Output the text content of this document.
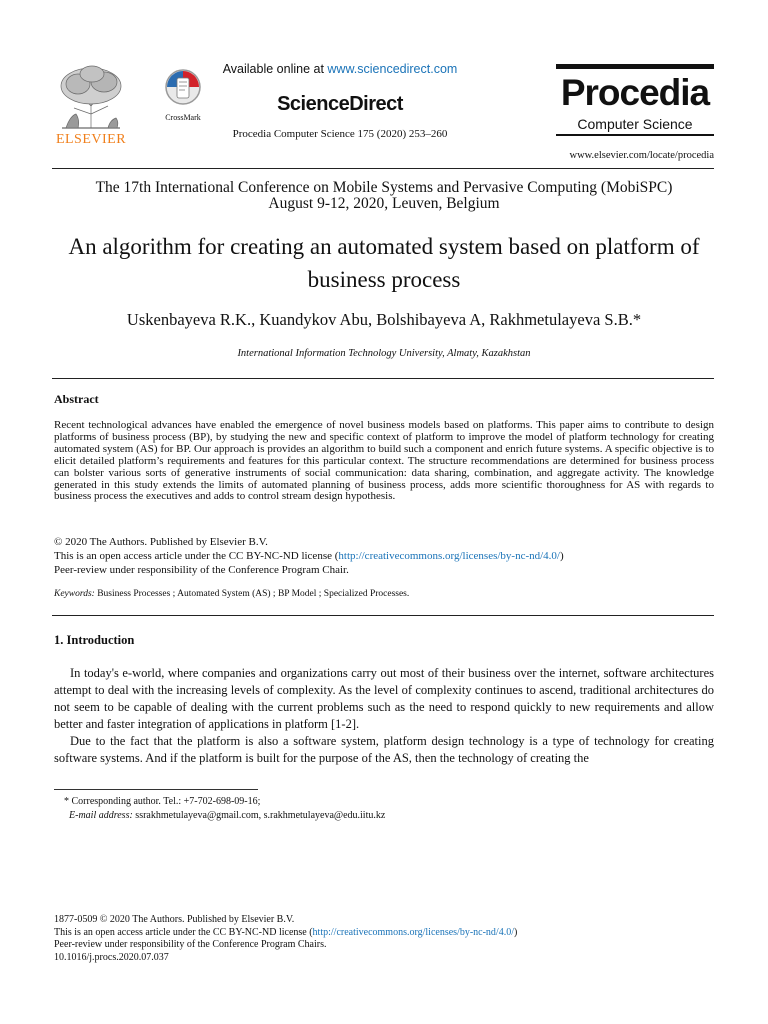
ELSEVIER
CrossMark
Available online at www.sciencedirect.com
ScienceDirect
Procedia Computer Science 175 (2020) 253–260
Procedia
Computer Science
www.elsevier.com/locate/procedia
The 17th International Conference on Mobile Systems and Pervasive Computing (MobiSPC)
August 9-12, 2020, Leuven, Belgium
An algorithm for creating an automated system based on platform of
business process
Uskenbayeva R.K., Kuandykov Abu, Bolshibayeva A, Rakhmetulayeva S.B.*
International Information Technology University, Almaty, Kazakhstan
Abstract
Recent technological advances have enabled the emergence of novel business models based on platforms. This paper aims to contribute to design platforms of business process (BP), by studying the new and specific context of platform to improve the model of platform technology for creating automated system (AS) for BP. Our approach is provides an algorithm to build such a component and enrich future systems. A specific objective is to elicit detailed platform’s requirements and features for this particular context. The structure recommendations are determined for business process can bolster various sorts of generative instruments of social communication: data sharing, combination, and aggregate activity. The knowledge generated in this study extends the limits of automated planning of business process, adds more scientific thoroughness for AS with regards to business process the executives and adds to control stream design hypothesis.
© 2020 The Authors. Published by Elsevier B.V.
This is an open access article under the CC BY-NC-ND license (http://creativecommons.org/licenses/by-nc-nd/4.0/)
Peer-review under responsibility of the Conference Program Chair.
Keywords: Business Processes ; Automated System (AS) ; BP Model ; Specialized Processes.
1. Introduction

In today's e-world, where companies and organizations carry out most of their business over the internet, software architectures attempt to deal with the increasing levels of complexity. As the level of complexity continues to ascend, traditional architectures do not seem to be capable of dealing with the current problems such as the need to respond quickly to new requirements and allow better and faster integration of applications in platform [1-2].

Due to the fact that the platform is also a software system, platform design technology is a type of technology for creating software systems. And if the platform is built for the purpose of the AS, then the technology of creating the

* Corresponding author. Tel.: +7-702-698-09-16;
E-mail address: ssrakhmetulayeva@gmail.com, s.rakhmetulayeva@edu.iitu.kz
1877-0509 © 2020 The Authors. Published by Elsevier B.V.
This is an open access article under the CC BY-NC-ND license (http://creativecommons.org/licenses/by-nc-nd/4.0/)
Peer-review under responsibility of the Conference Program Chairs.
10.1016/j.procs.2020.07.037
